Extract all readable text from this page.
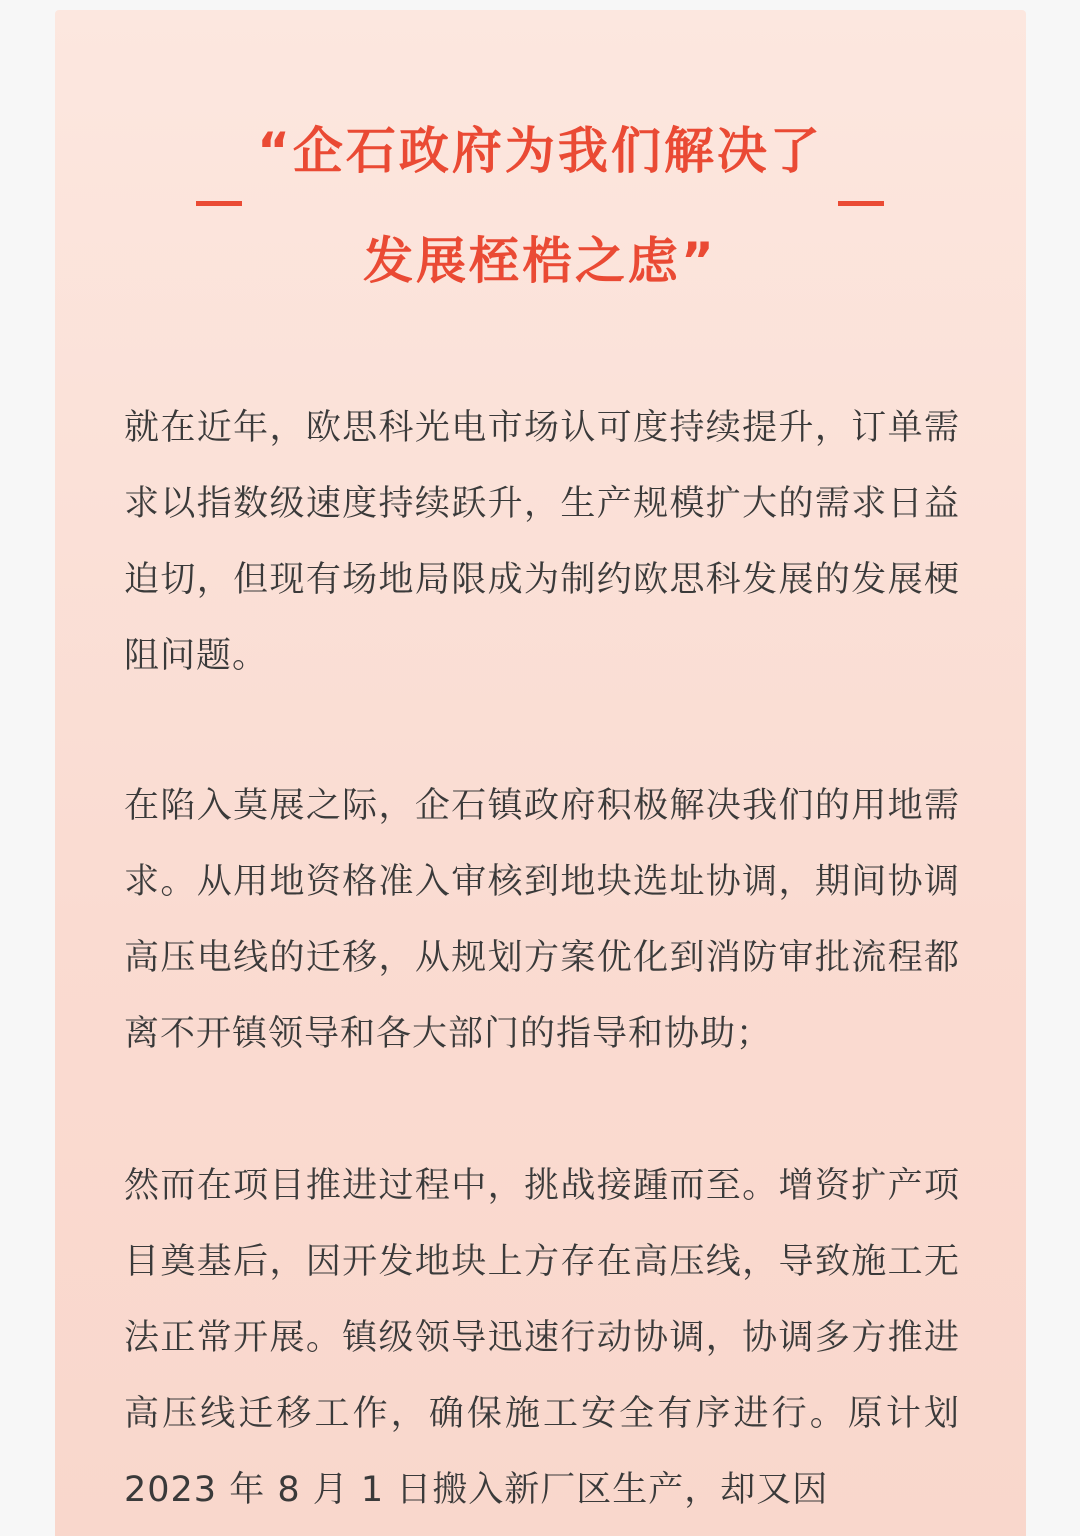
“企石政府为我们解决了
发展桎梏之虑”

就在近年，欧思科光电市场认可度持续提升，订单需求以指数级速度持续跃升，生产规模扩大的需求日益迫切，但现有场地局限成为制约欧思科发展的发展梗阻问题。

在陷入莫展之际，企石镇政府积极解决我们的用地需求。从用地资格准入审核到地块选址协调，期间协调高压电线的迁移，从规划方案优化到消防审批流程都离不开镇领导和各大部门的指导和协助；

然而在项目推进过程中，挑战接踵而至。增资扩产项目奠基后，因开发地块上方存在高压线，导致施工无法正常开展。镇级领导迅速行动协调，协调多方推进高压线迁移工作，确保施工安全有序进行。原计划 2023 年 8 月 1 日搬入新厂区生产，却又因
